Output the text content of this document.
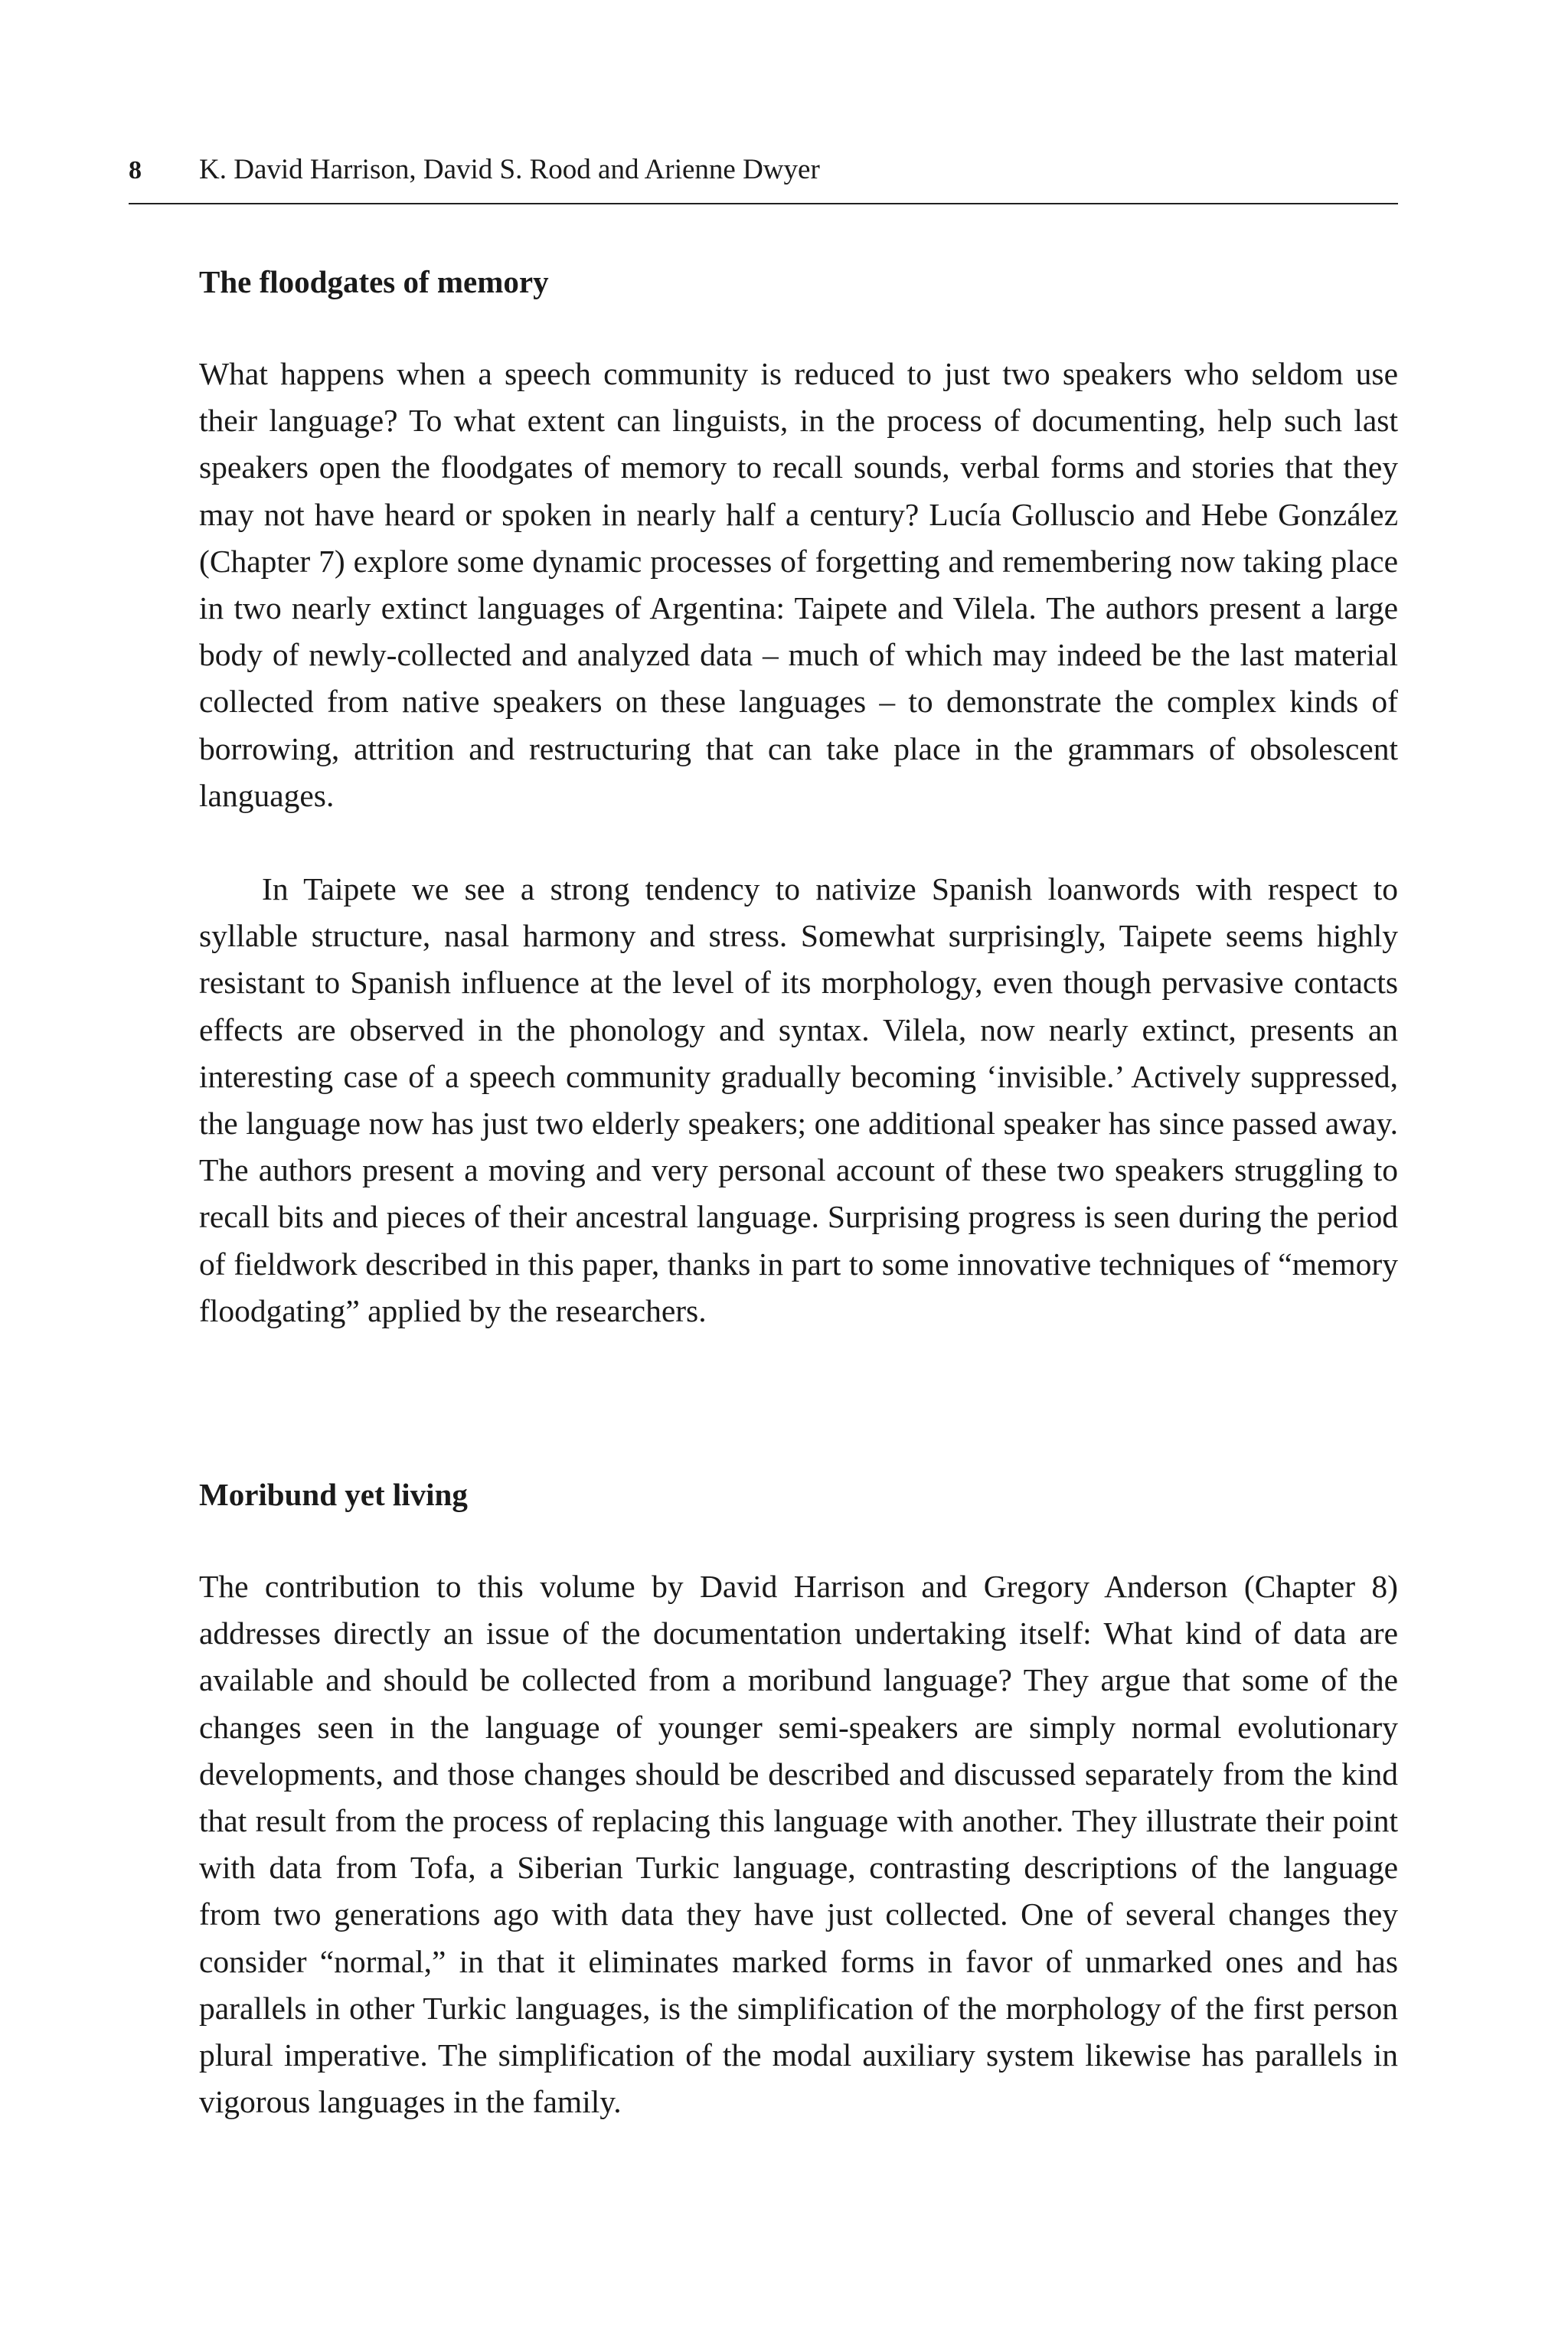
8 K. David Harrison, David S. Rood and Arienne Dwyer
The floodgates of memory

What happens when a speech community is reduced to just two speakers who seldom use their language? To what extent can linguists, in the process of documenting, help such last speakers open the floodgates of memory to recall sounds, verbal forms and stories that they may not have heard or spoken in nearly half a century? Lucía Golluscio and Hebe González (Chapter 7) explore some dynamic processes of forgetting and remembering now taking place in two nearly extinct languages of Argentina: Taipete and Vilela. The authors present a large body of newly-collected and analyzed data – much of which may indeed be the last material collected from native speakers on these languages – to demonstrate the complex kinds of borrowing, attrition and restructuring that can take place in the grammars of obsolescent languages.

In Taipete we see a strong tendency to nativize Spanish loanwords with respect to syllable structure, nasal harmony and stress. Somewhat surprisingly, Taipete seems highly resistant to Spanish influence at the level of its morphology, even though pervasive contacts effects are observed in the phonology and syntax. Vilela, now nearly extinct, presents an interesting case of a speech community gradually becoming ‘invisible.’ Actively suppressed, the language now has just two elderly speakers; one additional speaker has since passed away. The authors present a moving and very personal account of these two speakers struggling to recall bits and pieces of their ancestral language. Surprising progress is seen during the period of fieldwork described in this paper, thanks in part to some innovative techniques of “memory floodgating” applied by the researchers.

Moribund yet living

The contribution to this volume by David Harrison and Gregory Anderson (Chapter 8) addresses directly an issue of the documentation undertaking itself: What kind of data are available and should be collected from a moribund language? They argue that some of the changes seen in the language of younger semi-speakers are simply normal evolutionary developments, and those changes should be described and discussed separately from the kind that result from the process of replacing this language with another. They illustrate their point with data from Tofa, a Siberian Turkic language, contrasting descriptions of the language from two generations ago with data they have just collected. One of several changes they consider “normal,” in that it eliminates marked forms in favor of unmarked ones and has parallels in other Turkic languages, is the simplification of the morphology of the first person plural imperative. The simplification of the modal auxiliary system likewise has parallels in vigorous languages in the family.
